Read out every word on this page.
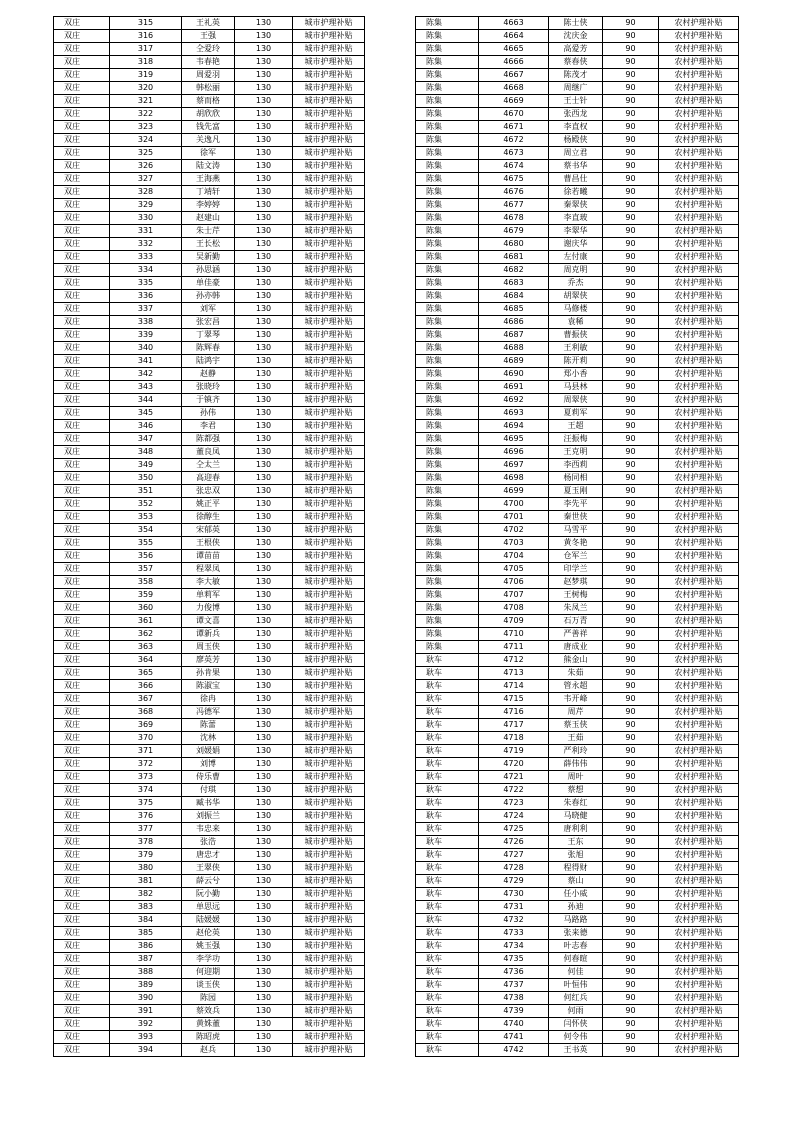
双庄	315	王礼英	130	城市护理补贴
双庄	316	王强	130	城市护理补贴
双庄	317	仝爱玲	130	城市护理补贴
双庄	318	韦春艳	130	城市护理补贴
双庄	319	周爱羽	130	城市护理补贴
双庄	320	韩松丽	130	城市护理补贴
双庄	321	蔡而格	130	城市护理补贴
双庄	322	胡欣欣	130	城市护理补贴
双庄	323	钱先富	130	城市护理补贴
双庄	324	关逸凡	130	城市护理补贴
双庄	325	徐军	130	城市护理补贴
双庄	326	陆文涛	130	城市护理补贴
双庄	327	王海燕	130	城市护理补贴
双庄	328	丁靖轩	130	城市护理补贴
双庄	329	李婷婷	130	城市护理补贴
双庄	330	赵建山	130	城市护理补贴
双庄	331	朱士芹	130	城市护理补贴
双庄	332	王长松	130	城市护理补贴
双庄	333	吴新勤	130	城市护理补贴
双庄	334	孙思涵	130	城市护理补贴
双庄	335	单佳豪	130	城市护理补贴
双庄	336	孙亦韩	130	城市护理补贴
双庄	337	刘军	130	城市护理补贴
双庄	338	张宏昌	130	城市护理补贴
双庄	339	丁翠琴	130	城市护理补贴
双庄	340	陈辉春	130	城市护理补贴
双庄	341	陆鸿宇	130	城市护理补贴
双庄	342	赵静	130	城市护理补贴
双庄	343	张晓玲	130	城市护理补贴
双庄	344	于镇齐	130	城市护理补贴
双庄	345	孙伟	130	城市护理补贴
双庄	346	李君	130	城市护理补贴
双庄	347	陈都强	130	城市护理补贴
双庄	348	董良凤	130	城市护理补贴
双庄	349	仝太兰	130	城市护理补贴
双庄	350	高迎春	130	城市护理补贴
双庄	351	张忠双	130	城市护理补贴
双庄	352	姚正平	130	城市护理补贴
双庄	353	徐醇生	130	城市护理补贴
双庄	354	宋郁英	130	城市护理补贴
双庄	355	王根侠	130	城市护理补贴
双庄	356	谭苗苗	130	城市护理补贴
双庄	357	程翠凤	130	城市护理补贴
双庄	358	李大敏	130	城市护理补贴
双庄	359	单莉军	130	城市护理补贴
双庄	360	力俊博	130	城市护理补贴
双庄	361	谭文喜	130	城市护理补贴
双庄	362	谭新兵	130	城市护理补贴
双庄	363	周玉侠	130	城市护理补贴
双庄	364	廖英芳	130	城市护理补贴
双庄	365	孙肯果	130	城市护理补贴
双庄	366	陈淑宝	130	城市护理补贴
双庄	367	徐冉	130	城市护理补贴
双庄	368	冯德军	130	城市护理补贴
双庄	369	陈蕾	130	城市护理补贴
双庄	370	沈林	130	城市护理补贴
双庄	371	刘媛娟	130	城市护理补贴
双庄	372	刘博	130	城市护理补贴
双庄	373	侍乐曹	130	城市护理补贴
双庄	374	付琪	130	城市护理补贴
双庄	375	臧书华	130	城市护理补贴
双庄	376	刘振兰	130	城市护理补贴
双庄	377	韦忠来	130	城市护理补贴
双庄	378	张浩	130	城市护理补贴
双庄	379	唐忠才	130	城市护理补贴
双庄	380	王翠侠	130	城市护理补贴
双庄	381	薛云兮	130	城市护理补贴
双庄	382	阮小勤	130	城市护理补贴
双庄	383	单思远	130	城市护理补贴
双庄	384	陆媛媛	130	城市护理补贴
双庄	385	赵伦英	130	城市护理补贴
双庄	386	姚玉强	130	城市护理补贴
双庄	387	李学功	130	城市护理补贴
双庄	388	何迎期	130	城市护理补贴
双庄	389	谈玉侠	130	城市护理补贴
双庄	390	陈园	130	城市护理补贴
双庄	391	蔡效兵	130	城市护理补贴
双庄	392	黄姝董	130	城市护理补贴
双庄	393	陈昭虎	130	城市护理补贴
双庄	394	赵兵	130	城市护理补贴
陈集	4663	陈士侠	90	农村护理补贴
陈集	4664	沈庆金	90	农村护理补贴
陈集	4665	高爱芳	90	农村护理补贴
陈集	4666	蔡春侠	90	农村护理补贴
陈集	4667	陈茂才	90	农村护理补贴
陈集	4668	周继广	90	农村护理补贴
陈集	4669	王士针	90	农村护理补贴
陈集	4670	张西龙	90	农村护理补贴
陈集	4671	李直权	90	农村护理补贴
陈集	4672	杨殿侠	90	农村护理补贴
陈集	4673	周立君	90	农村护理补贴
陈集	4674	蔡书华	90	农村护理补贴
陈集	4675	曹昌仕	90	农村护理补贴
陈集	4676	徐若曦	90	农村护理补贴
陈集	4677	秦翠侠	90	农村护理补贴
陈集	4678	李直玻	90	农村护理补贴
陈集	4679	李翠华	90	农村护理补贴
陈集	4680	谢庆华	90	农村护理补贴
陈集	4681	左付康	90	农村护理补贴
陈集	4682	周克明	90	农村护理补贴
陈集	4683	乔杰	90	农村护理补贴
陈集	4684	胡翠侠	90	农村护理补贴
陈集	4685	马修楼	90	农村护理补贴
陈集	4686	袁稀	90	农村护理补贴
陈集	4687	曹振侠	90	农村护理补贴
陈集	4688	王利敏	90	农村护理补贴
陈集	4689	陈开莉	90	农村护理补贴
陈集	4690	郑小香	90	农村护理补贴
陈集	4691	马县林	90	农村护理补贴
陈集	4692	周翠侠	90	农村护理补贴
陈集	4693	夏莉军	90	农村护理补贴
陈集	4694	王超	90	农村护理补贴
陈集	4695	汪振梅	90	农村护理补贴
陈集	4696	王克明	90	农村护理补贴
陈集	4697	李西莉	90	农村护理补贴
陈集	4698	杨同相	90	农村护理补贴
陈集	4699	夏玉刚	90	农村护理补贴
陈集	4700	李先平	90	农村护理补贴
陈集	4701	秦世侠	90	农村护理补贴
陈集	4702	马雪平	90	农村护理补贴
陈集	4703	黄冬艳	90	农村护理补贴
陈集	4704	仓军兰	90	农村护理补贴
陈集	4705	印学兰	90	农村护理补贴
陈集	4706	赵梦琪	90	农村护理补贴
陈集	4707	王树梅	90	农村护理补贴
陈集	4708	朱凤兰	90	农村护理补贴
陈集	4709	石万青	90	农村护理补贴
陈集	4710	严善祥	90	农村护理补贴
陈集	4711	唐成业	90	农村护理补贴
耿车	4712	熊金山	90	农村护理补贴
耿车	4713	朱茹	90	农村护理补贴
耿车	4714	管永超	90	农村护理补贴
耿车	4715	韦开峰	90	农村护理补贴
耿车	4716	周芹	90	农村护理补贴
耿车	4717	蔡玉侠	90	农村护理补贴
耿车	4718	王茹	90	农村护理补贴
耿车	4719	严利玲	90	农村护理补贴
耿车	4720	薛伟伟	90	农村护理补贴
耿车	4721	周叶	90	农村护理补贴
耿车	4722	蔡想	90	农村护理补贴
耿车	4723	朱春红	90	农村护理补贴
耿车	4724	马晓健	90	农村护理补贴
耿车	4725	唐利利	90	农村护理补贴
耿车	4726	王东	90	农村护理补贴
耿车	4727	张旭	90	农村护理补贴
耿车	4728	程得财	90	农村护理补贴
耿车	4729	蔡山	90	农村护理补贴
耿车	4730	任小威	90	农村护理补贴
耿车	4731	孙迪	90	农村护理补贴
耿车	4732	马路路	90	农村护理补贴
耿车	4733	张来德	90	农村护理补贴
耿车	4734	叶志春	90	农村护理补贴
耿车	4735	何春暄	90	农村护理补贴
耿车	4736	何佳	90	农村护理补贴
耿车	4737	叶恒伟	90	农村护理补贴
耿车	4738	何红兵	90	农村护理补贴
耿车	4739	何雨	90	农村护理补贴
耿车	4740	闫怀侠	90	农村护理补贴
耿车	4741	何令伟	90	农村护理补贴
耿车	4742	王书英	90	农村护理补贴
